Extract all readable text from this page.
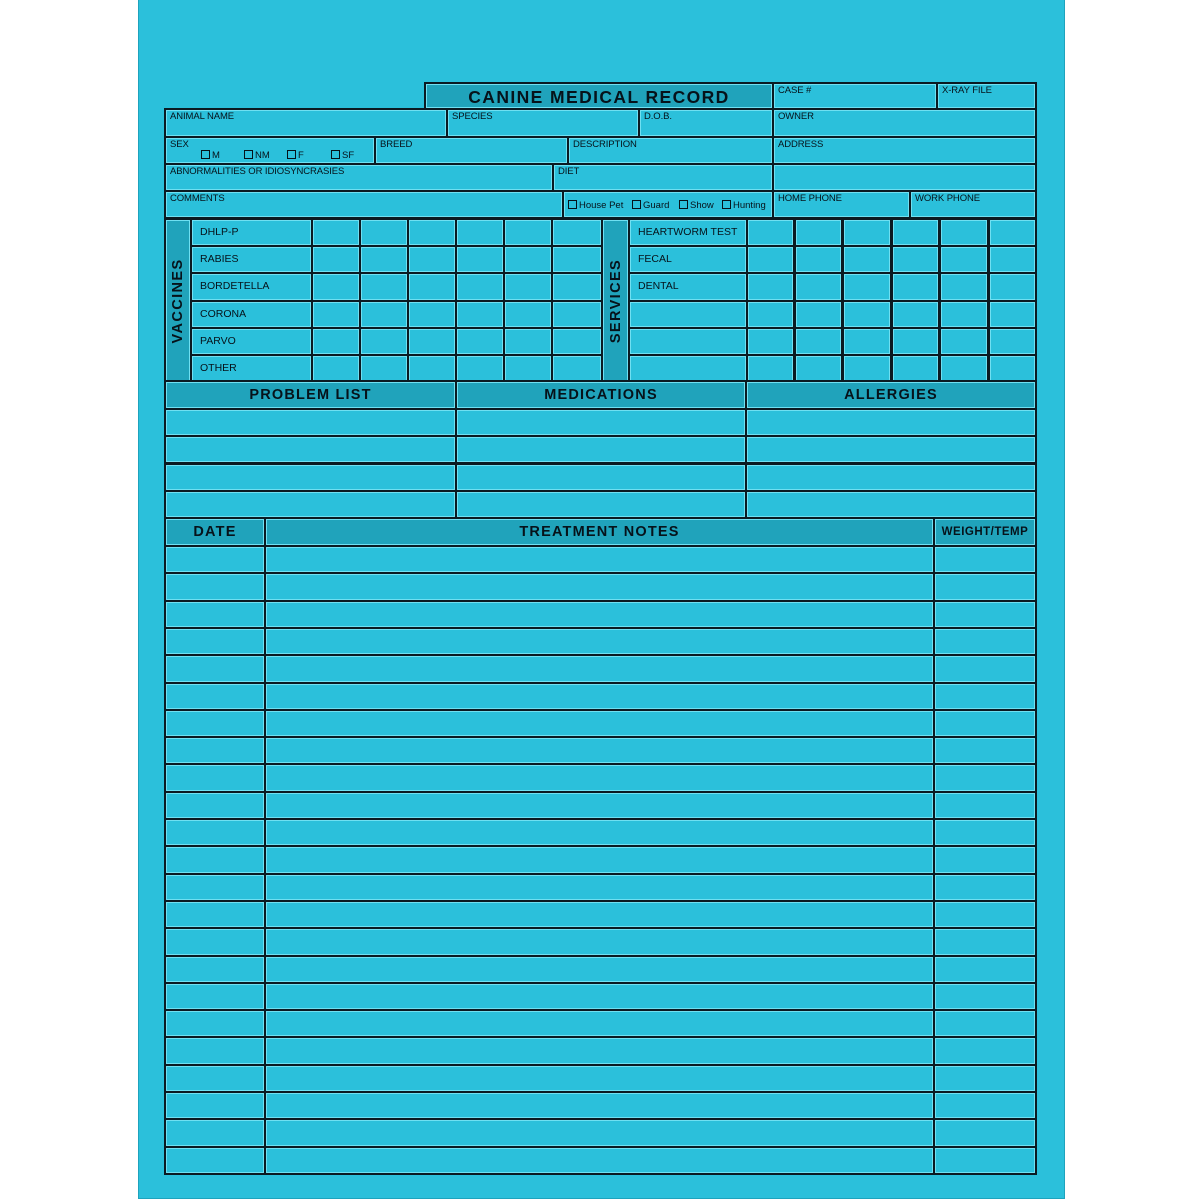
CANINE MEDICAL RECORD	CASE #	X-RAY FILE
ANIMAL NAME	SPECIES	D.O.B.	OWNER
SEX
M	NM	F	SF
BREED	DESCRIPTION	ADDRESS
ABNORMALITIES OR IDIOSYNCRASIES	DIET
COMMENTS
House Pet	Guard	Show	Hunting
HOME PHONE	WORK PHONE
VACCINES	SERVICES
DHLP-P	HEARTWORM TEST
RABIES	FECAL
BORDETELLA	DENTAL
CORONA
PARVO
OTHER
PROBLEM LIST	MEDICATIONS	ALLERGIES
DATE	TREATMENT NOTES	WEIGHT/TEMP
